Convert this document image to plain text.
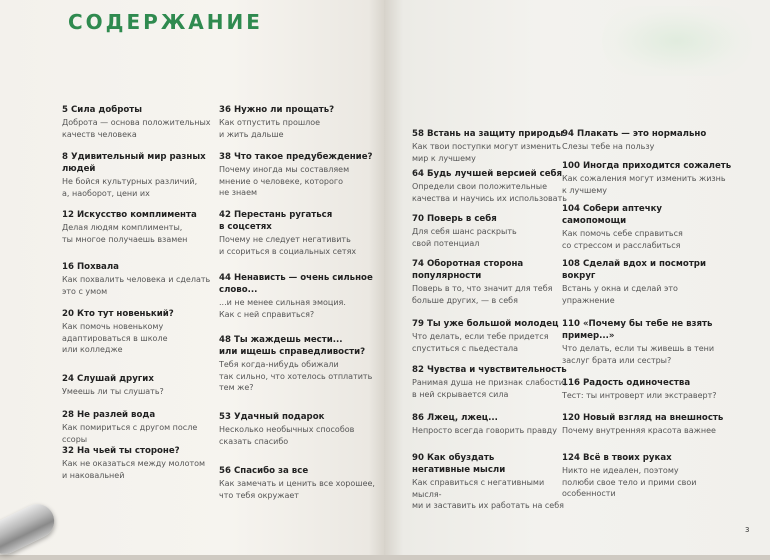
СОДЕРЖАНИЕ
5 Сила доброты
Доброта — основа положительных
качеств человека
8 Удивительный мир разных
людей
Не бойся культурных различий,
а, наоборот, цени их
12 Искусство комплимента
Делая людям комплименты,
ты многое получаешь взамен
16 Похвала
Как похвалить человека и сделать
это с умом
20 Кто тут новенький?
Как помочь новенькому
адаптироваться в школе
или колледже
24 Слушай других
Умеешь ли ты слушать?
28 Не разлей вода
Как помириться с другом после ссоры
32 На чьей ты стороне?
Как не оказаться между молотом
и наковальней
36 Нужно ли прощать?
Как отпустить прошлое
и жить дальше
38 Что такое предубеждение?
Почему иногда мы составляем
мнение о человеке, которого
не знаем
42 Перестань ругаться
в соцсетях
Почему не следует негативить
и ссориться в социальных сетях
44 Ненависть — очень сильное
слово...
...и не менее сильная эмоция.
Как с ней справиться?
48 Ты жаждешь мести...
или ищешь справедливости?
Тебя когда-нибудь обижали
так сильно, что хотелось отплатить
тем же?
53 Удачный подарок
Несколько необычных способов
сказать спасибо
56 Спасибо за все
Как замечать и ценить все хорошее,
что тебя окружает
58 Встань на защиту природы
Как твои поступки могут изменить
мир к лучшему
64 Будь лучшей версией себя
Определи свои положительные
качества и научись их использовать
70 Поверь в себя
Для себя шанс раскрыть
свой потенциал
74 Оборотная сторона
популярности
Поверь в то, что значит для тебя
больше других, — в себя
79 Ты уже большой молодец
Что делать, если тебе придется
спуститься с пьедестала
82 Чувства и чувствительность
Ранимая душа не признак слабости,
в ней скрывается сила
86 Лжец, лжец...
Непросто всегда говорить правду
90 Как обуздать
негативные мысли
Как справиться с негативными мысля-
ми и заставить их работать на себя
94 Плакать — это нормально
Слезы тебе на пользу
100 Иногда приходится сожалеть
Как сожаления могут изменить жизнь
к лучшему
104 Собери аптечку
самопомощи
Как помочь себе справиться
со стрессом и расслабиться
108 Сделай вдох и посмотри
вокруг
Встань у окна и сделай это
упражнение
110 «Почему бы тебе не взять
пример...»
Что делать, если ты живешь в тени
заслуг брата или сестры?
116 Радость одиночества
Тест: ты интроверт или экстраверт?
120 Новый взгляд на внешность
Почему внутренняя красота важнее
124 Всё в твоих руках
Никто не идеален, поэтому
полюби свое тело и прими свои
особенности
3
